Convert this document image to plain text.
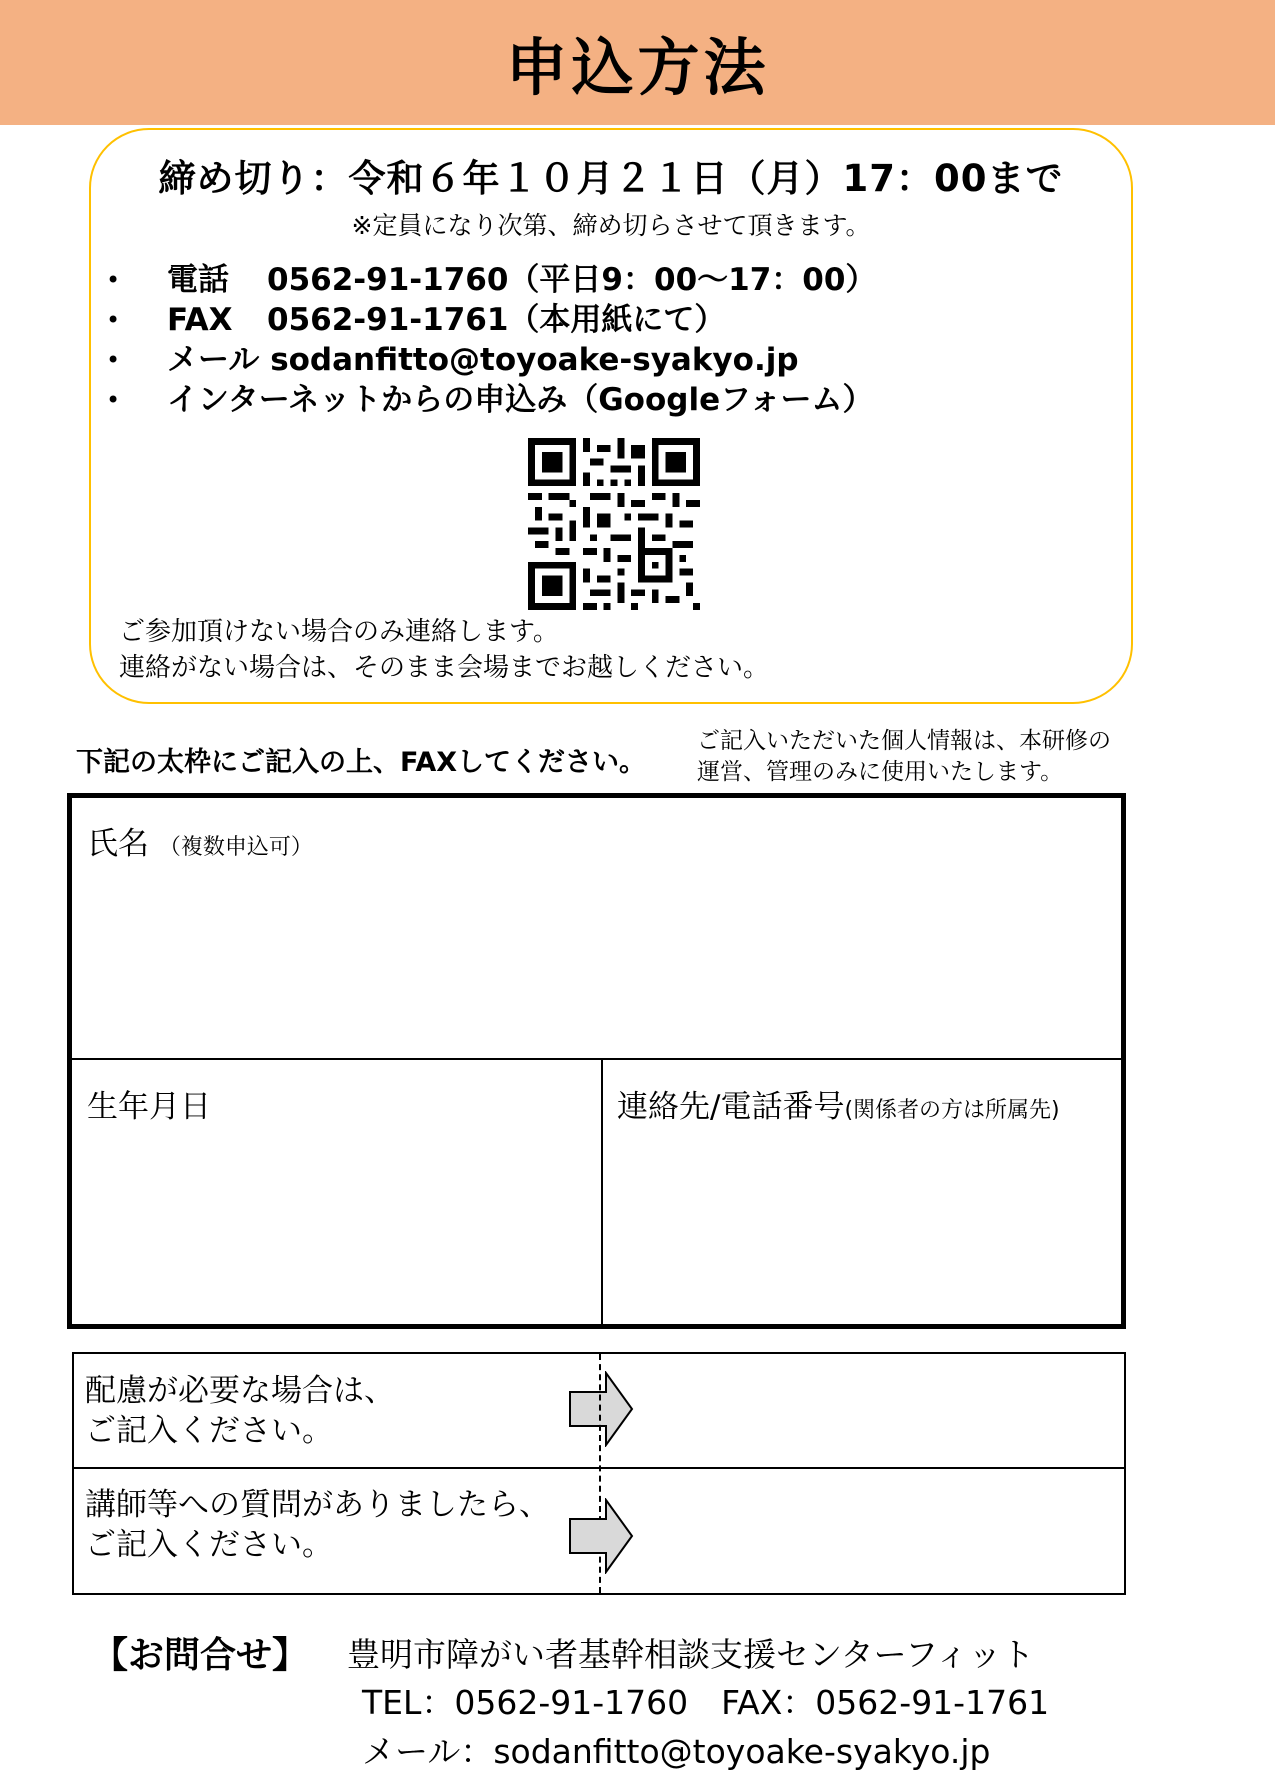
申込方法
締め切り：令和６年１０月２１日（月）17：00まで
※定員になり次第、締め切らさせて頂きます。
• 電話 0562-91-1760（平日9：00～17：00）
• FAX 0562-91-1761（本用紙にて）
• メール sodanfitto@toyoake-syakyo.jp
• インターネットからの申込み（Googleフォーム）
ご参加頂けない場合のみ連絡します。
連絡がない場合は、そのまま会場までお越しください。
下記の太枠にご記入の上、FAXしてください。
ご記入いただいた個人情報は、本研修の
運営、管理のみに使用いたします。
氏名 （複数申込可）
生年月日	連絡先/電話番号(関係者の方は所属先)
配慮が必要な場合は、
ご記入ください。
講師等への質問がありましたら、
ご記入ください。
【お問合せ】 豊明市障がい者基幹相談支援センターフィット
TEL：0562-91-1760　FAX：0562-91-1761
メール：sodanfitto@toyoake-syakyo.jp
